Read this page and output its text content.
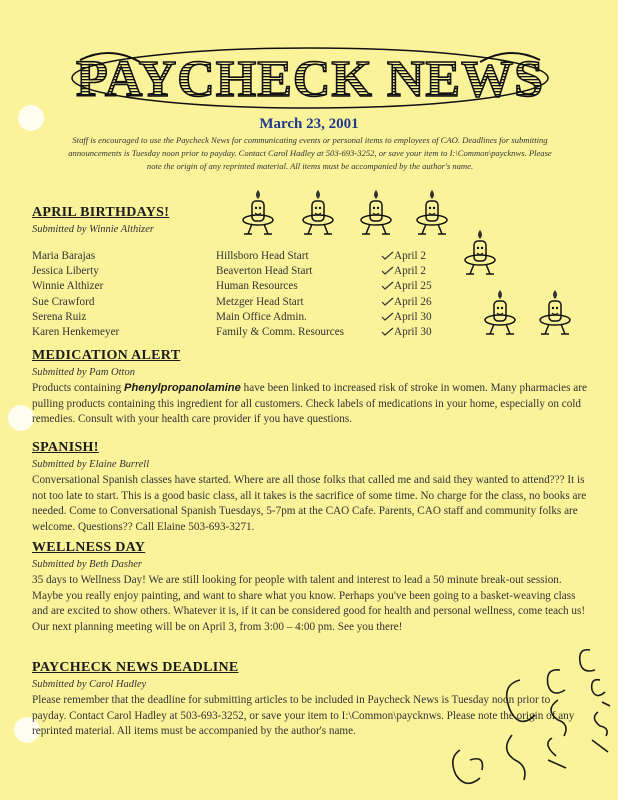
PAYCHECK NEWS
March 23, 2001
Staff is encouraged to use the Paycheck News for communicating events or personal items to employees of CAO. Deadlines for submitting announcements is Tuesday noon prior to payday. Contact Carol Hadley at 503-693-3252, or save your item to I:\Common\paycknws. Please note the origin of any reprinted material. All items must be accompanied by the author's name.
APRIL BIRTHDAYS!
Submitted by Winnie Althizer
Maria Barajas
Jessica Liberty
Winnie Althizer
Sue Crawford
Serena Ruiz
Karen Henkemeyer
Hillsboro Head Start
Beaverton Head Start
Human Resources
Metzger Head Start
Main Office Admin.
Family & Comm. Resources
April 2
April 2
April 25
April 26
April 30
April 30
MEDICATION ALERT
Submitted by Pam Otton
Products containing Phenylpropanolamine have been linked to increased risk of stroke in women. Many pharmacies are pulling products containing this ingredient for all customers. Check labels of medications in your home, especially on cold remedies. Consult with your health care provider if you have questions.
SPANISH!
Submitted by Elaine Burrell
Conversational Spanish classes have started. Where are all those folks that called me and said they wanted to attend??? It is not too late to start. This is a good basic class, all it takes is the sacrifice of some time. No charge for the class, no books are needed. Come to Conversational Spanish Tuesdays, 5-7pm at the CAO Cafe. Parents, CAO staff and community folks are welcome. Questions?? Call Elaine 503-693-3271.
WELLNESS DAY
Submitted by Beth Dasher
35 days to Wellness Day! We are still looking for people with talent and interest to lead a 50 minute break-out session. Maybe you really enjoy painting, and want to share what you know. Perhaps you've been going to a basket-weaving class and are excited to show others. Whatever it is, if it can be considered good for health and personal wellness, come teach us! Our next planning meeting will be on April 3, from 3:00 – 4:00 pm. See you there!
PAYCHECK NEWS DEADLINE
Submitted by Carol Hadley
Please remember that the deadline for submitting articles to be included in Paycheck News is Tuesday noon prior to payday. Contact Carol Hadley at 503-693-3252, or save your item to I:\Common\paycknws. Please note the origin of any reprinted material. All items must be accompanied by the author's name.
